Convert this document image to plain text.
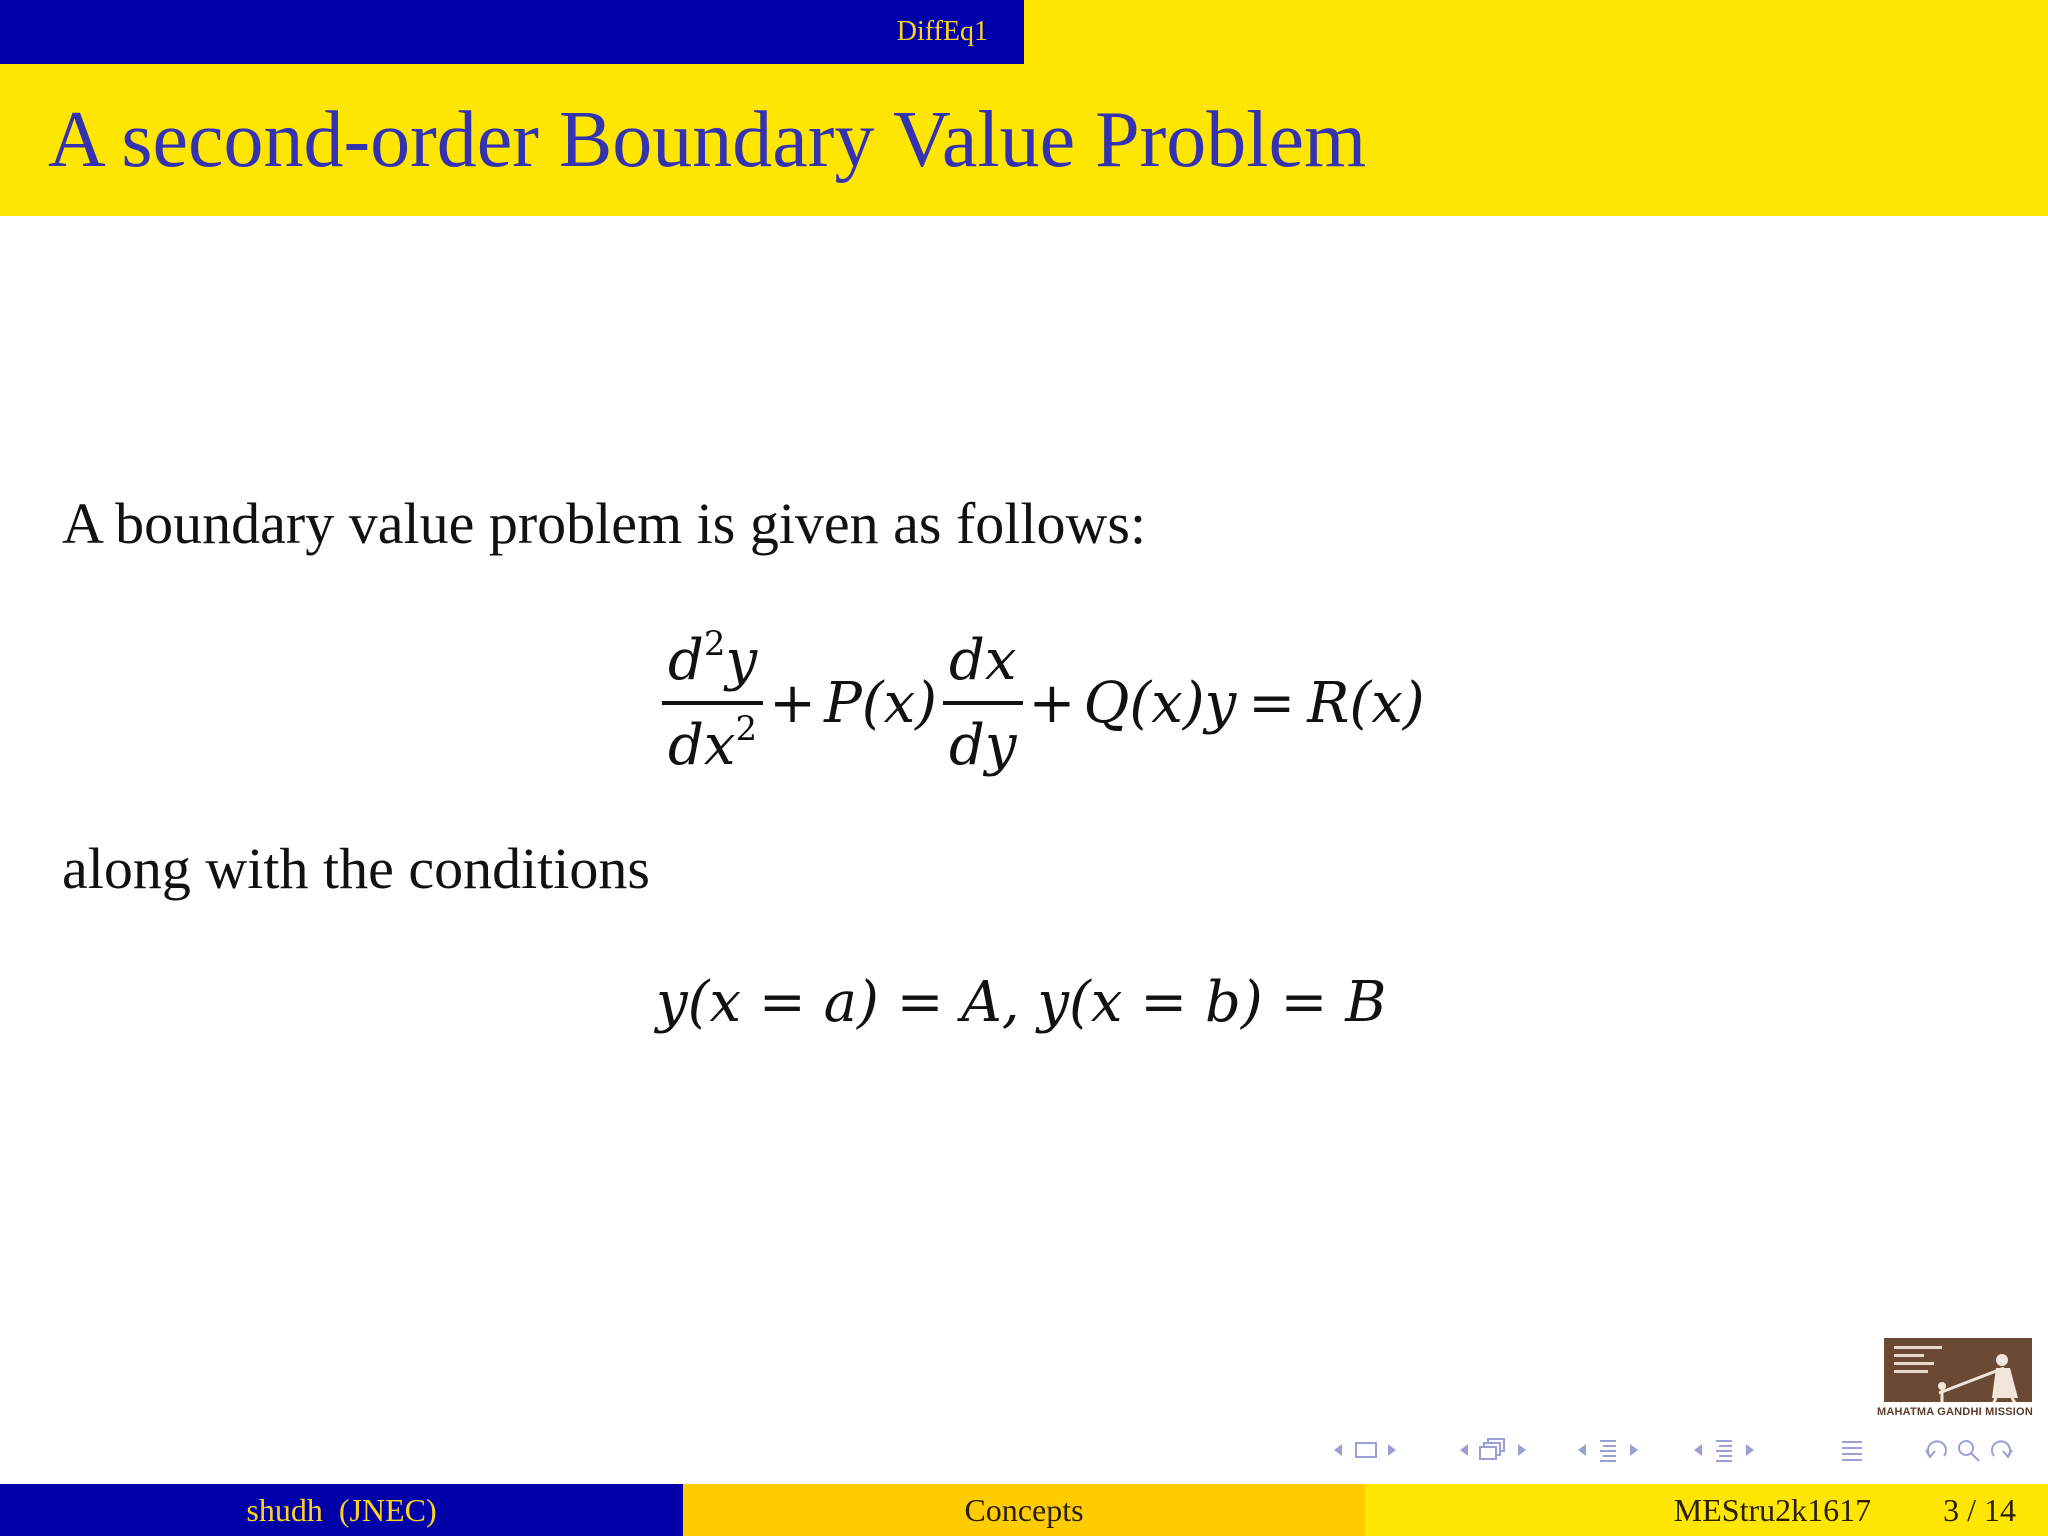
DiffEq1
A second-order Boundary Value Problem
A boundary value problem is given as follows:
$\frac{d^2y}{dx^2} + P(x) \frac{dx}{dy} + Q(x)y = R(x)$
along with the conditions
y(x = a) = A, y(x = b) = B
MAHATMA GANDHI MISSION
shudh  (JNEC)	Concepts	MEStru2k1617 3 / 14
